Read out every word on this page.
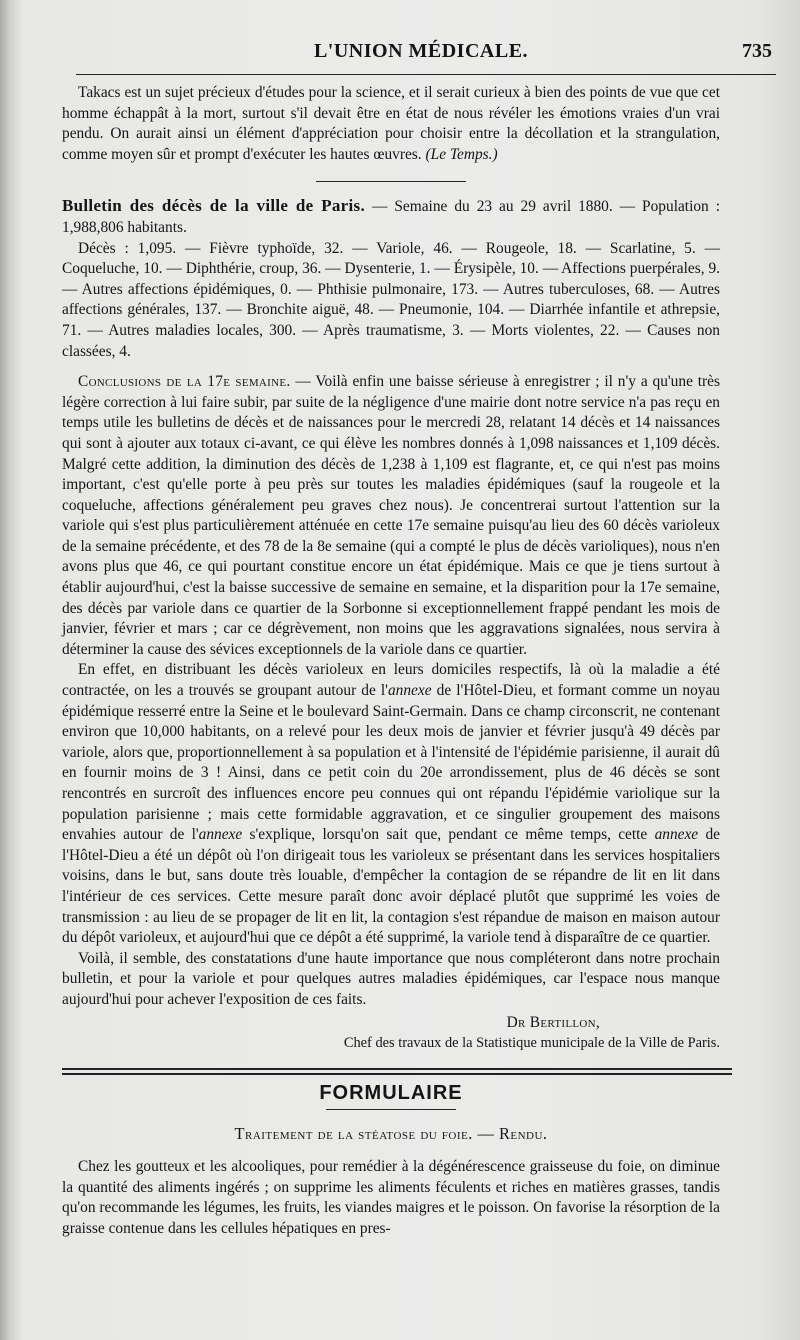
L'UNION MÉDICALE.	735

Takacs est un sujet précieux d'études pour la science, et il serait curieux à bien des points de vue que cet homme échappât à la mort, surtout s'il devait être en état de nous révéler les émotions vraies d'un vrai pendu. On aurait ainsi un élément d'appréciation pour choisir entre la décollation et la strangulation, comme moyen sûr et prompt d'exécuter les hautes œuvres. (Le Temps.)

Bulletin des décès de la ville de Paris. — Semaine du 23 au 29 avril 1880. — Population : 1,988,806 habitants.

Décès : 1,095. — Fièvre typhoïde, 32. — Variole, 46. — Rougeole, 18. — Scarlatine, 5. — Coqueluche, 10. — Diphthérie, croup, 36. — Dysenterie, 1. — Érysipèle, 10. — Affections puerpérales, 9. — Autres affections épidémiques, 0. — Phthisie pulmonaire, 173. — Autres tuberculoses, 68. — Autres affections générales, 137. — Bronchite aiguë, 48. — Pneumonie, 104. — Diarrhée infantile et athrepsie, 71. — Autres maladies locales, 300. — Après traumatisme, 3. — Morts violentes, 22. — Causes non classées, 4.

Conclusions de la 17e semaine. — Voilà enfin une baisse sérieuse à enregistrer ; il n'y a qu'une très légère correction à lui faire subir, par suite de la négligence d'une mairie dont notre service n'a pas reçu en temps utile les bulletins de décès et de naissances pour le mercredi 28, relatant 14 décès et 14 naissances qui sont à ajouter aux totaux ci-avant, ce qui élève les nombres donnés à 1,098 naissances et 1,109 décès. Malgré cette addition, la diminution des décès de 1,238 à 1,109 est flagrante, et, ce qui n'est pas moins important, c'est qu'elle porte à peu près sur toutes les maladies épidémiques (sauf la rougeole et la coqueluche, affections généralement peu graves chez nous). Je concentrerai surtout l'attention sur la variole qui s'est plus particulièrement atténuée en cette 17e semaine puisqu'au lieu des 60 décès varioleux de la semaine précédente, et des 78 de la 8e semaine (qui a compté le plus de décès varioliques), nous n'en avons plus que 46, ce qui pourtant constitue encore un état épidémique. Mais ce que je tiens surtout à établir aujourd'hui, c'est la baisse successive de semaine en semaine, et la disparition pour la 17e semaine, des décès par variole dans ce quartier de la Sorbonne si exceptionnellement frappé pendant les mois de janvier, février et mars ; car ce dégrèvement, non moins que les aggravations signalées, nous servira à déterminer la cause des sévices exceptionnels de la variole dans ce quartier.

En effet, en distribuant les décès varioleux en leurs domiciles respectifs, là où la maladie a été contractée, on les a trouvés se groupant autour de l'annexe de l'Hôtel-Dieu, et formant comme un noyau épidémique resserré entre la Seine et le boulevard Saint-Germain. Dans ce champ circonscrit, ne contenant environ que 10,000 habitants, on a relevé pour les deux mois de janvier et février jusqu'à 49 décès par variole, alors que, proportionnellement à sa population et à l'intensité de l'épidémie parisienne, il aurait dû en fournir moins de 3 ! Ainsi, dans ce petit coin du 20e arrondissement, plus de 46 décès se sont rencontrés en surcroît des influences encore peu connues qui ont répandu l'épidémie variolique sur la population parisienne ; mais cette formidable aggravation, et ce singulier groupement des maisons envahies autour de l'annexe s'explique, lorsqu'on sait que, pendant ce même temps, cette annexe de l'Hôtel-Dieu a été un dépôt où l'on dirigeait tous les varioleux se présentant dans les services hospitaliers voisins, dans le but, sans doute très louable, d'empêcher la contagion de se répandre de lit en lit dans l'intérieur de ces services. Cette mesure paraît donc avoir déplacé plutôt que supprimé les voies de transmission : au lieu de se propager de lit en lit, la contagion s'est répandue de maison en maison autour du dépôt varioleux, et aujourd'hui que ce dépôt a été supprimé, la variole tend à disparaître de ce quartier.

Voilà, il semble, des constatations d'une haute importance que nous compléteront dans notre prochain bulletin, et pour la variole et pour quelques autres maladies épidémiques, car l'espace nous manque aujourd'hui pour achever l'exposition de ces faits.

Dr Bertillon,
Chef des travaux de la Statistique municipale de la Ville de Paris.
FORMULAIRE
Traitement de la stéatose du foie. — Rendu.

Chez les goutteux et les alcooliques, pour remédier à la dégénérescence graisseuse du foie, on diminue la quantité des aliments ingérés ; on supprime les aliments féculents et riches en matières grasses, tandis qu'on recommande les légumes, les fruits, les viandes maigres et le poisson. On favorise la résorption de la graisse contenue dans les cellules hépatiques en pres-
